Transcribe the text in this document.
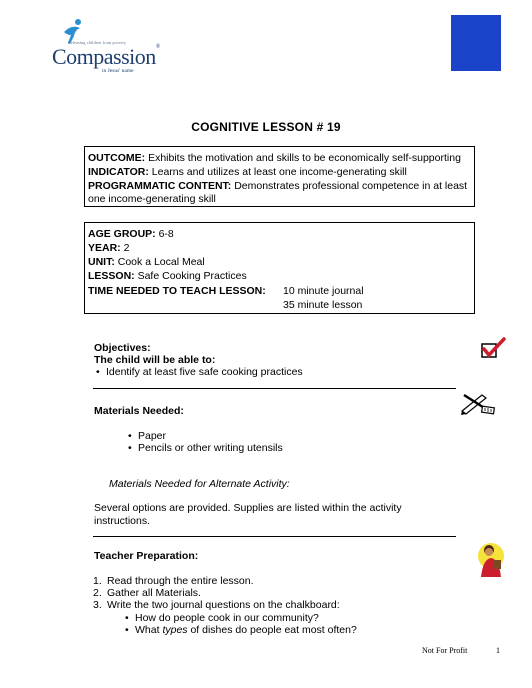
Releasing children from poverty
Compassion®
in Jesus' name
COGNITIVE LESSON # 19
OUTCOME: Exhibits the motivation and skills to be economically self-supporting
INDICATOR: Learns and utilizes at least one income-generating skill
PROGRAMMATIC CONTENT: Demonstrates professional competence in at least
one income-generating skill
AGE GROUP: 6-8
YEAR: 2
UNIT: Cook a Local Meal
LESSON: Safe Cooking Practices
TIME NEEDED TO TEACH LESSON: 10 minute journal
35 minute lesson
Objectives:
The child will be able to:
• Identify at least five safe cooking practices
Materials Needed:
• Paper
• Pencils or other writing utensils
Materials Needed for Alternate Activity:
Several options are provided. Supplies are listed within the activity
instructions.
Teacher Preparation:
1. Read through the entire lesson.
2. Gather all Materials.
3. Write the two journal questions on the chalkboard:
• How do people cook in our community?
• What types of dishes do people eat most often?
Not For Profit	1
